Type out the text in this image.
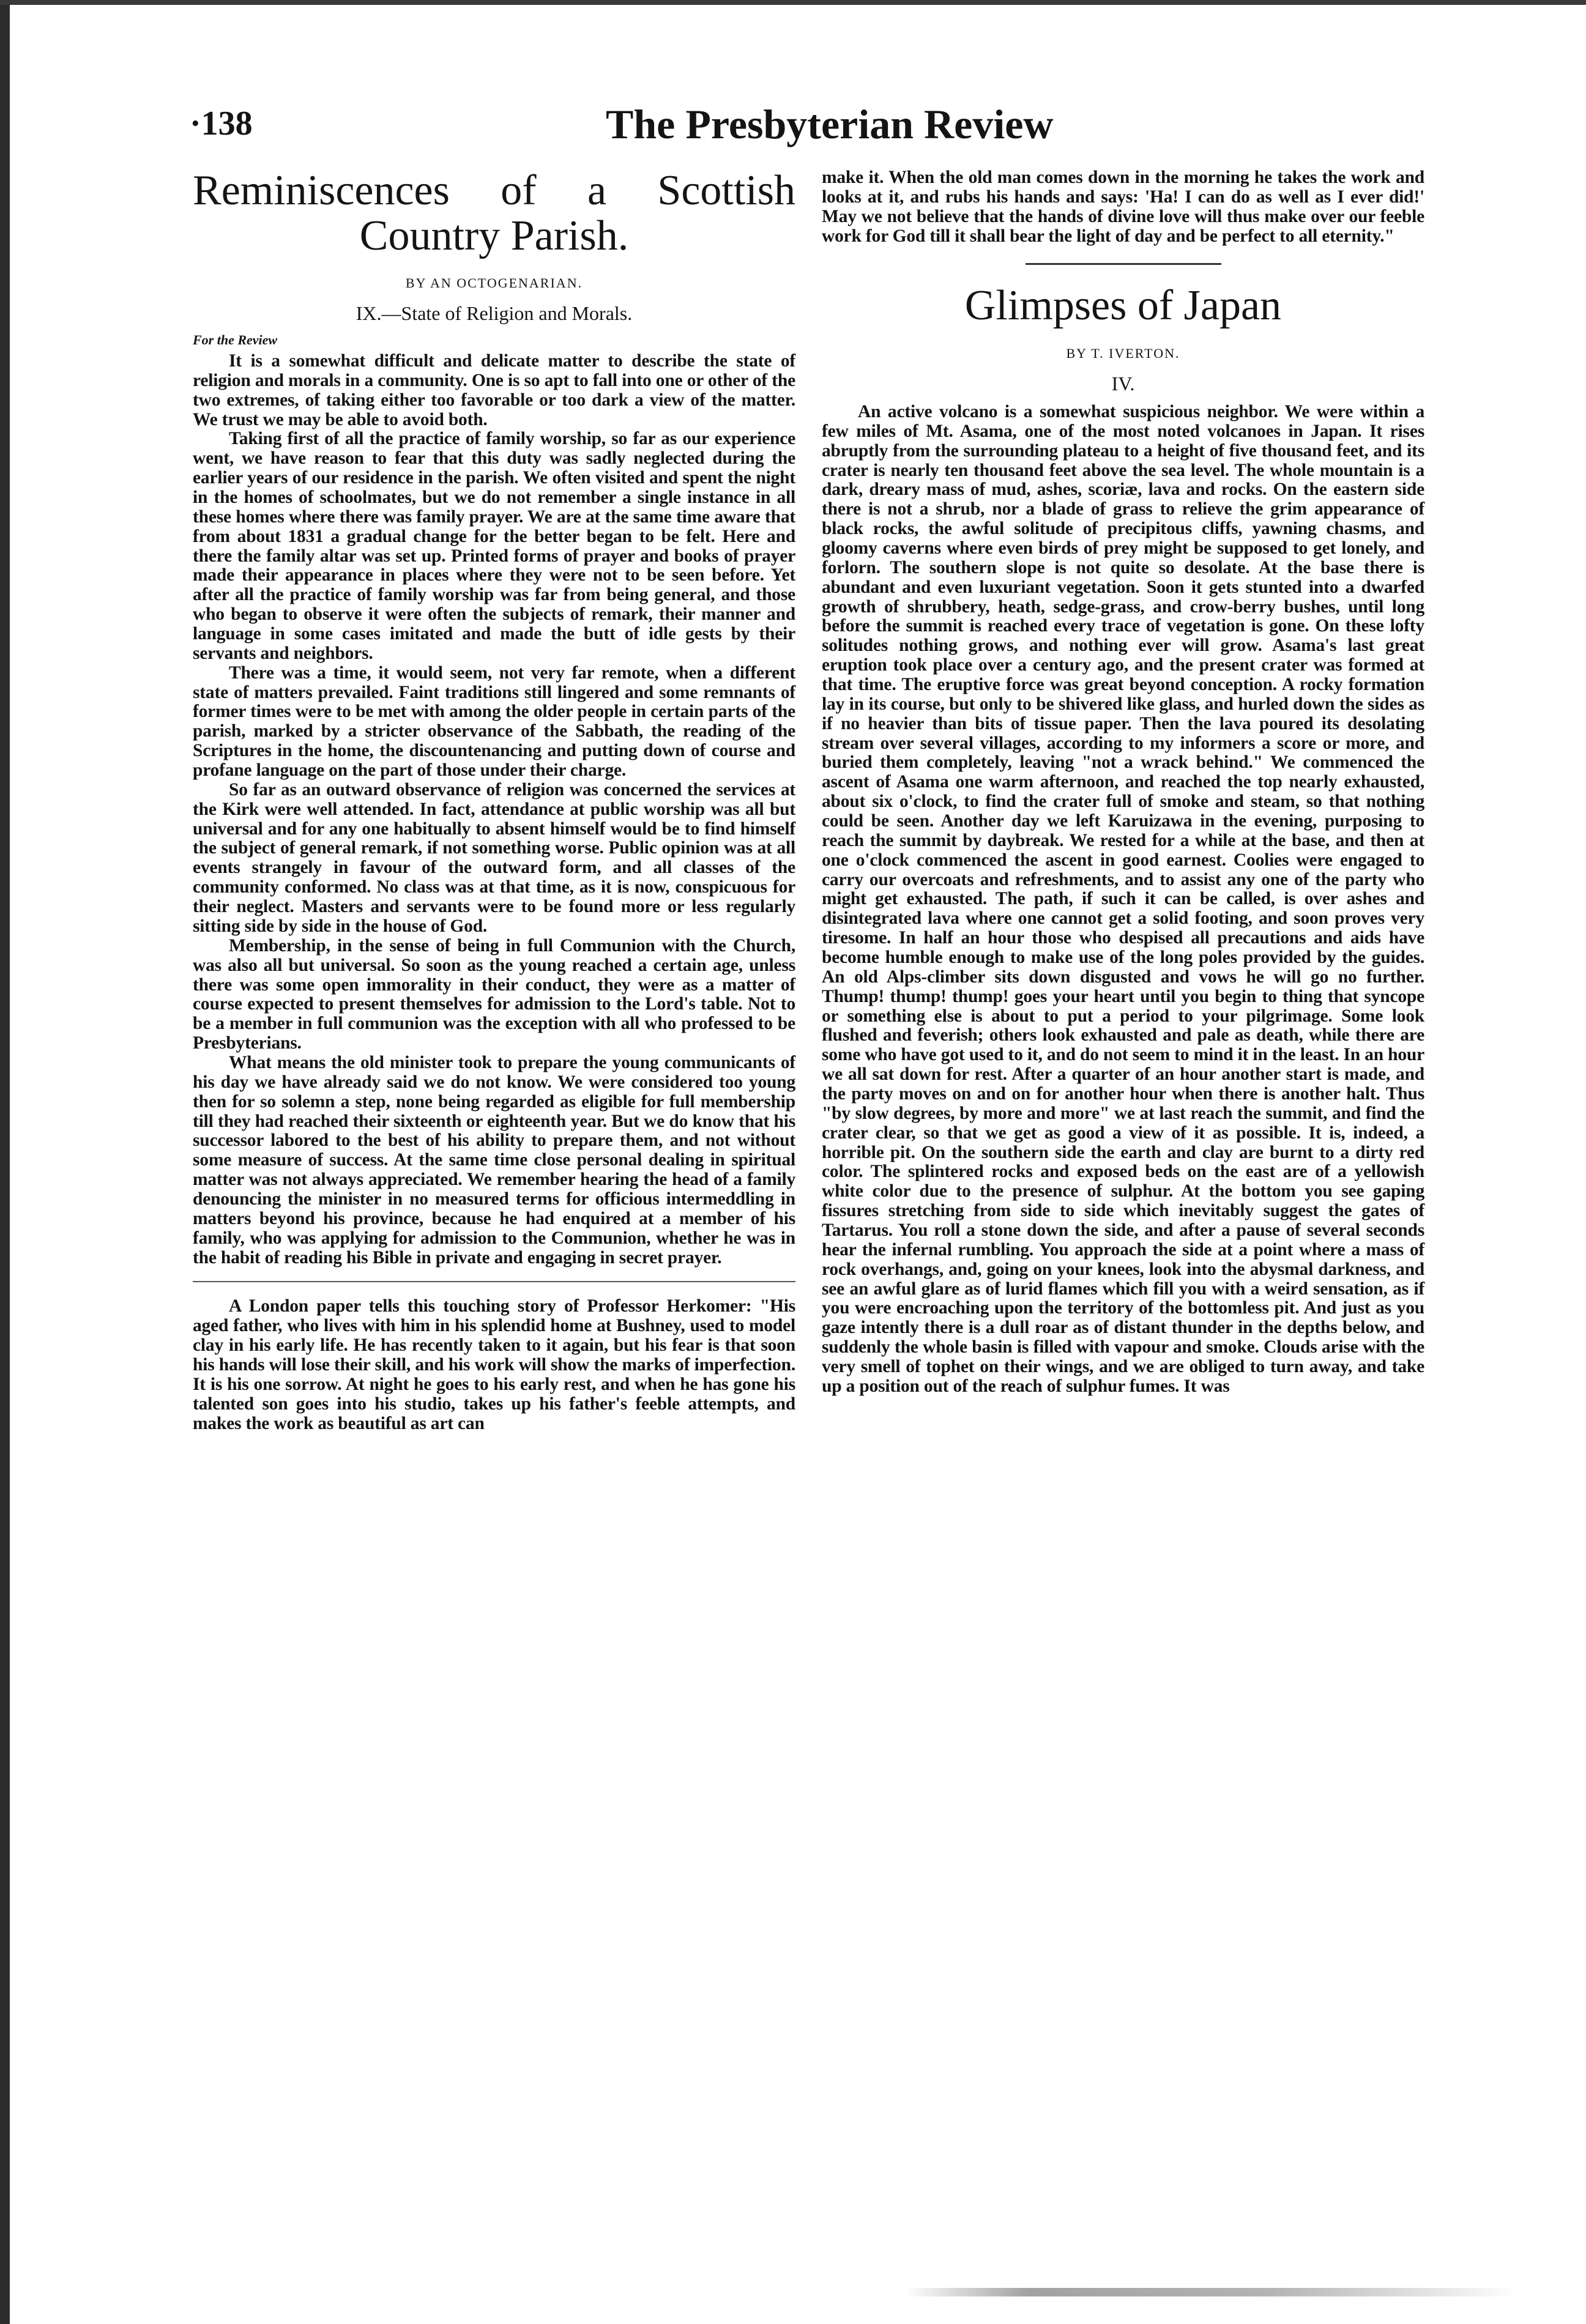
·138	The Presbyterian Review
Reminiscences of a Scottish
Country Parish.
BY AN OCTOGENARIAN.
IX.—State of Religion and Morals.
For the Review

It is a somewhat difficult and delicate matter to describe the state of religion and morals in a community. One is so apt to fall into one or other of the two extremes, of taking either too favorable or too dark a view of the matter. We trust we may be able to avoid both.

Taking first of all the practice of family worship, so far as our experience went, we have reason to fear that this duty was sadly neglected during the earlier years of our residence in the parish. We often visited and spent the night in the homes of schoolmates, but we do not remember a single instance in all these homes where there was family prayer. We are at the same time aware that from about 1831 a gradual change for the better began to be felt. Here and there the family altar was set up. Printed forms of prayer and books of prayer made their appearance in places where they were not to be seen before. Yet after all the practice of family worship was far from being general, and those who began to observe it were often the subjects of remark, their manner and language in some cases imitated and made the butt of idle gests by their servants and neighbors.

There was a time, it would seem, not very far remote, when a different state of matters prevailed. Faint traditions still lingered and some remnants of former times were to be met with among the older people in certain parts of the parish, marked by a stricter observance of the Sabbath, the reading of the Scriptures in the home, the discountenancing and putting down of course and profane language on the part of those under their charge.

So far as an outward observance of religion was concerned the services at the Kirk were well attended. In fact, attendance at public worship was all but universal and for any one habitually to absent himself would be to find himself the subject of general remark, if not something worse. Public opinion was at all events strangely in favour of the outward form, and all classes of the community conformed. No class was at that time, as it is now, conspicuous for their neglect. Masters and servants were to be found more or less regularly sitting side by side in the house of God.

Membership, in the sense of being in full Communion with the Church, was also all but universal. So soon as the young reached a certain age, unless there was some open immorality in their conduct, they were as a matter of course expected to present themselves for admission to the Lord's table. Not to be a member in full communion was the exception with all who professed to be Presbyterians.

What means the old minister took to prepare the young communicants of his day we have already said we do not know. We were considered too young then for so solemn a step, none being regarded as eligible for full membership till they had reached their sixteenth or eighteenth year. But we do know that his successor labored to the best of his ability to prepare them, and not without some measure of success. At the same time close personal dealing in spiritual matter was not always appreciated. We remember hearing the head of a family denouncing the minister in no measured terms for officious intermeddling in matters beyond his province, because he had enquired at a member of his family, who was applying for admission to the Communion, whether he was in the habit of reading his Bible in private and engaging in secret prayer.

A London paper tells this touching story of Professor Herkomer: "His aged father, who lives with him in his splendid home at Bushney, used to model clay in his early life. He has recently taken to it again, but his fear is that soon his hands will lose their skill, and his work will show the marks of imperfection. It is his one sorrow. At night he goes to his early rest, and when he has gone his talented son goes into his studio, takes up his father's feeble attempts, and makes the work as beautiful as art can

make it. When the old man comes down in the morning he takes the work and looks at it, and rubs his hands and says: 'Ha! I can do as well as I ever did!' May we not believe that the hands of divine love will thus make over our feeble work for God till it shall bear the light of day and be perfect to all eternity."

Glimpses of Japan
BY T. IVERTON.
IV.

An active volcano is a somewhat suspicious neighbor. We were within a few miles of Mt. Asama, one of the most noted volcanoes in Japan. It rises abruptly from the surrounding plateau to a height of five thousand feet, and its crater is nearly ten thousand feet above the sea level. The whole mountain is a dark, dreary mass of mud, ashes, scoriæ, lava and rocks. On the eastern side there is not a shrub, nor a blade of grass to relieve the grim appearance of black rocks, the awful solitude of precipitous cliffs, yawning chasms, and gloomy caverns where even birds of prey might be supposed to get lonely, and forlorn. The southern slope is not quite so desolate. At the base there is abundant and even luxuriant vegetation. Soon it gets stunted into a dwarfed growth of shrubbery, heath, sedge-grass, and crow-berry bushes, until long before the summit is reached every trace of vegetation is gone. On these lofty solitudes nothing grows, and nothing ever will grow. Asama's last great eruption took place over a century ago, and the present crater was formed at that time. The eruptive force was great beyond conception. A rocky formation lay in its course, but only to be shivered like glass, and hurled down the sides as if no heavier than bits of tissue paper. Then the lava poured its desolating stream over several villages, according to my informers a score or more, and buried them completely, leaving "not a wrack behind." We commenced the ascent of Asama one warm afternoon, and reached the top nearly exhausted, about six o'clock, to find the crater full of smoke and steam, so that nothing could be seen. Another day we left Karuizawa in the evening, purposing to reach the summit by daybreak. We rested for a while at the base, and then at one o'clock commenced the ascent in good earnest. Coolies were engaged to carry our overcoats and refreshments, and to assist any one of the party who might get exhausted. The path, if such it can be called, is over ashes and disintegrated lava where one cannot get a solid footing, and soon proves very tiresome. In half an hour those who despised all precautions and aids have become humble enough to make use of the long poles provided by the guides. An old Alps-climber sits down disgusted and vows he will go no further. Thump! thump! thump! goes your heart until you begin to thing that syncope or something else is about to put a period to your pilgrimage. Some look flushed and feverish; others look exhausted and pale as death, while there are some who have got used to it, and do not seem to mind it in the least. In an hour we all sat down for rest. After a quarter of an hour another start is made, and the party moves on and on for another hour when there is another halt. Thus "by slow degrees, by more and more" we at last reach the summit, and find the crater clear, so that we get as good a view of it as possible. It is, indeed, a horrible pit. On the southern side the earth and clay are burnt to a dirty red color. The splintered rocks and exposed beds on the east are of a yellowish white color due to the presence of sulphur. At the bottom you see gaping fissures stretching from side to side which inevitably suggest the gates of Tartarus. You roll a stone down the side, and after a pause of several seconds hear the infernal rumbling. You approach the side at a point where a mass of rock overhangs, and, going on your knees, look into the abysmal darkness, and see an awful glare as of lurid flames which fill you with a weird sensation, as if you were encroaching upon the territory of the bottomless pit. And just as you gaze intently there is a dull roar as of distant thunder in the depths below, and suddenly the whole basin is filled with vapour and smoke. Clouds arise with the very smell of tophet on their wings, and we are obliged to turn away, and take up a position out of the reach of sulphur fumes. It was
